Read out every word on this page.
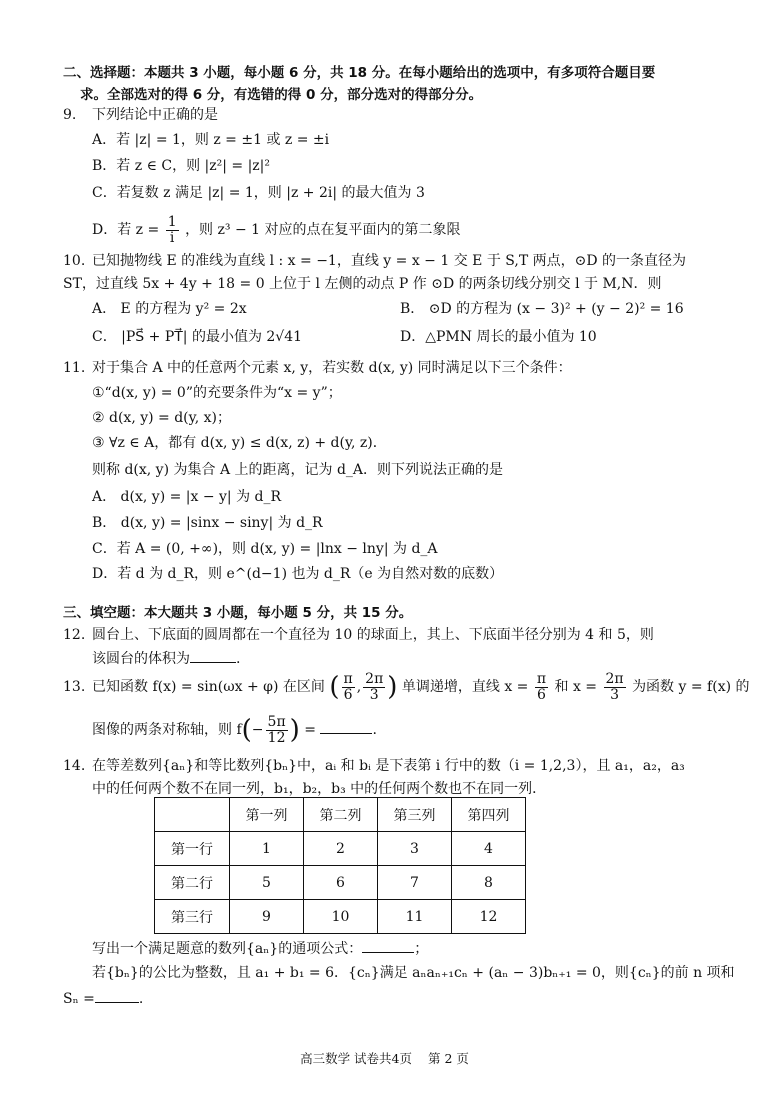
二、选择题：本题共 3 小题，每小题 6 分，共 18 分。在每小题给出的选项中，有多项符合题目要
求。全部选对的得 6 分，有选错的得 0 分，部分选对的得部分分。
9. 下列结论中正确的是
A．若 |z| = 1，则 z = ±1 或 z = ±i
B．若 z ∈ C，则 |z²| = |z|²
C．若复数 z 满足 |z| = 1，则 |z + 2i| 的最大值为 3
D．若 $z = \frac{1}{i}$ ，则 z³ − 1 对应的点在复平面内的第二象限
10. 已知抛物线 E 的准线为直线 l : x = −1，直线 y = x − 1 交 E 于 S,T 两点，⊙D 的一条直径为
ST，过直线 5x + 4y + 18 = 0 上位于 l 左侧的动点 P 作 ⊙D 的两条切线分别交 l 于 M,N．则
A． E 的方程为 y² = 2x	B． ⊙D 的方程为 (x − 3)² + (y − 2)² = 16
C． |PS⃗ + PT⃗| 的最小值为 2√41	D．△PMN 周长的最小值为 10
11. 对于集合 A 中的任意两个元素 x, y，若实数 d(x, y) 同时满足以下三个条件：
①“d(x, y) = 0”的充要条件为“x = y”；
② d(x, y) = d(y, x)；
③ ∀z ∈ A，都有 d(x, y) ≤ d(x, z) + d(y, z)．
则称 d(x, y) 为集合 A 上的距离，记为 d_A．则下列说法正确的是
A． d(x, y) = |x − y| 为 d_R
B． d(x, y) = |sinx − siny| 为 d_R
C．若 A = (0, +∞)，则 d(x, y) = |lnx − lny| 为 d_A
D．若 d 为 d_R，则 e^(d−1) 也为 d_R（e 为自然对数的底数）
三、填空题：本大题共 3 小题，每小题 5 分，共 15 分。
12. 圆台上、下底面的圆周都在一个直径为 10 的球面上，其上、下底面半径分别为 4 和 5，则
该圆台的体积为	.
13. 已知函数 f(x) = sin(ωx + φ) 在区间 ( $\frac{\pi}{6}$ , $\frac{2\pi}{3}$ ) 单调递增，直线 $x = \frac{\pi}{6}$ 和 $x = \frac{2\pi}{3}$ 为函数 y = f(x) 的
图像的两条对称轴，则 $f(- \frac{5\pi}{12}$ ) =	.
14. 在等差数列{aₙ}和等比数列{bₙ}中，aᵢ 和 bᵢ 是下表第 i 行中的数（i = 1,2,3），且 a₁，a₂，a₃
中的任何两个数不在同一列，b₁，b₂，b₃ 中的任何两个数也不在同一列．
	第一列	第二列	第三列	第四列
第一行	1	2	3	4
第二行	5	6	7	8
第三行	9	10	11	12
写出一个满足题意的数列{aₙ}的通项公式：	；
若{bₙ}的公比为整数，且 a₁ + b₁ = 6．{cₙ}满足 aₙaₙ₊₁cₙ + (aₙ − 3)bₙ₊₁ = 0，则{cₙ}的前 n 项和
Sₙ =	.
高三数学 试卷共4页 第 2 页
